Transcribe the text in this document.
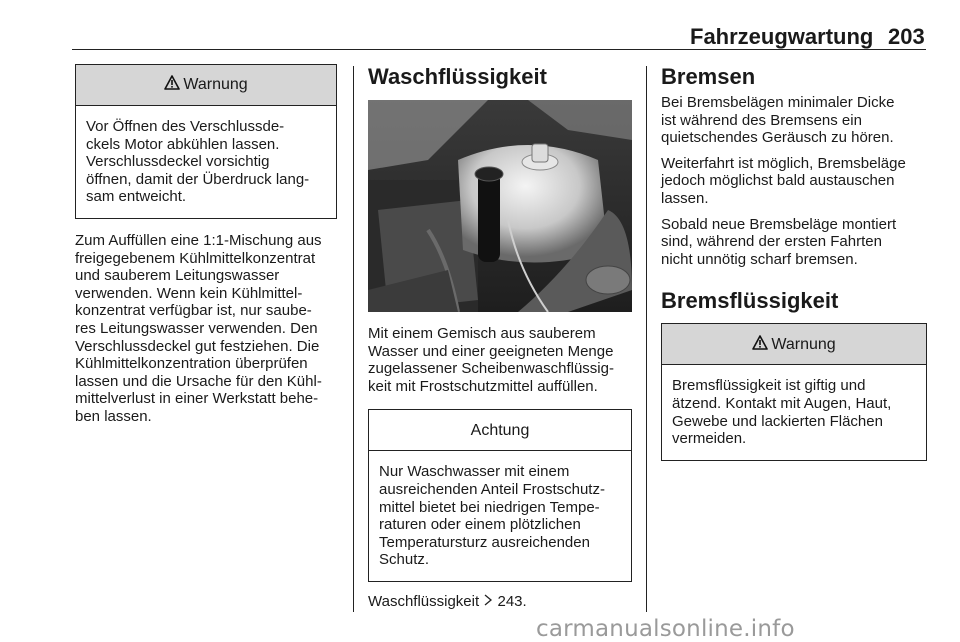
Fahrzeugwartung 203
Warnung
Vor Öffnen des Verschlussde-
ckels Motor abkühlen lassen.
Verschlussdeckel vorsichtig
öffnen, damit der Überdruck lang-
sam entweicht.

Zum Auffüllen eine 1:1-Mischung aus
freigegebenem Kühlmittelkonzentrat
und sauberem Leitungswasser
verwenden. Wenn kein Kühlmittel-
konzentrat verfügbar ist, nur saube-
res Leitungswasser verwenden. Den
Verschlussdeckel gut festziehen. Die
Kühlmittelkonzentration überprüfen
lassen und die Ursache für den Kühl-
mittelverlust in einer Werkstatt behe-
ben lassen.

Waschflüssigkeit

Mit einem Gemisch aus sauberem
Wasser und einer geeigneten Menge
zugelassener Scheibenwaschflüssig-
keit mit Frostschutzmittel auffüllen.

Achtung
Nur Waschwasser mit einem
ausreichenden Anteil Frostschutz-
mittel bietet bei niedrigen Tempe-
raturen oder einem plötzlichen
Temperatursturz ausreichenden
Schutz.

Waschflüssigkeit 243.

Bremsen

Bei Bremsbelägen minimaler Dicke
ist während des Bremsens ein
quietschendes Geräusch zu hören.

Weiterfahrt ist möglich, Bremsbeläge
jedoch möglichst bald austauschen
lassen.

Sobald neue Bremsbeläge montiert
sind, während der ersten Fahrten
nicht unnötig scharf bremsen.

Bremsflüssigkeit
Warnung
Bremsflüssigkeit ist giftig und
ätzend. Kontakt mit Augen, Haut,
Gewebe und lackierten Flächen
vermeiden.
carmanualsonline.info
